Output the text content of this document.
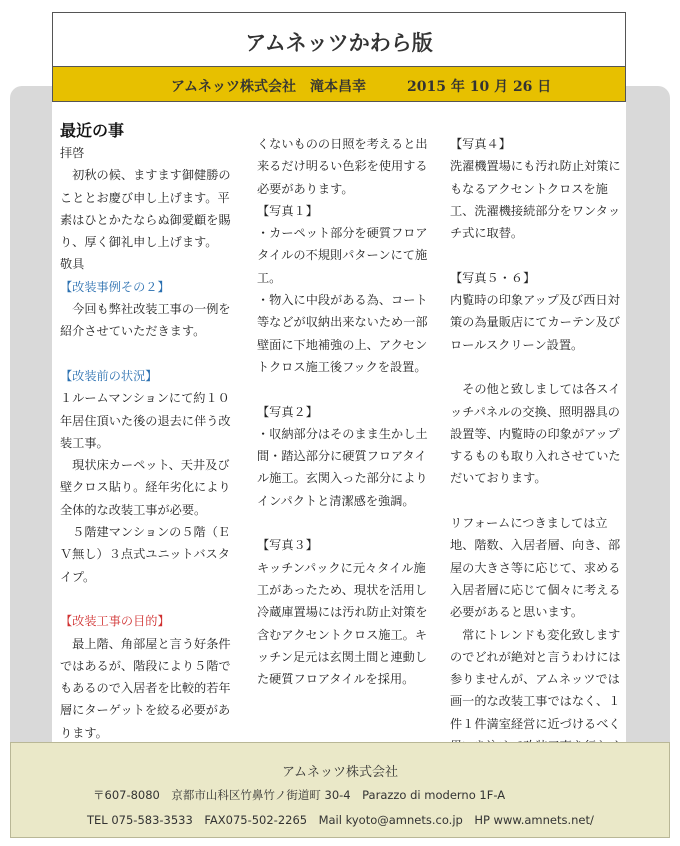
アムネッツかわら版
アムネッツ株式会社　滝本昌幸	2015 年 10 月 26 日

最近の事

拝啓

　初秋の候、ますます御健勝のこととお慶び申し上げます。平素はひとかたならぬ御愛顧を賜り、厚く御礼申し上げます。　　　　　　　敬具

【改装事例その２】

　今回も弊社改装工事の一例を紹介させていただきます。

【改装前の状況】

１ルームマンションにて約１０年居住頂いた後の退去に伴う改装工事。

　現状床カーペット、天井及び壁クロス貼り。経年劣化により全体的な改装工事が必要。

　５階建マンションの５階（ＥＶ無し）３点式ユニットバスタイプ。

【改装工事の目的】

　最上階、角部屋と言う好条件ではあるが、階段により５階でもあるので入居者を比較的若年層にターゲットを絞る必要があります。

くないものの日照を考えると出来るだけ明るい色彩を使用する必要があります。

【写真１】

・カーペット部分を硬質フロアタイルの不規則パターンにて施工。

・物入に中段がある為、コート等などが収納出来ないため一部壁面に下地補強の上、アクセントクロス施工後フックを設置。

【写真２】

・収納部分はそのまま生かし土間・踏込部分に硬質フロアタイル施工。玄関入った部分によりインパクトと清潔感を強調。

【写真３】

キッチンパックに元々タイル施工があったため、現状を活用し冷蔵庫置場には汚れ防止対策を含むアクセントクロス施工。キッチン足元は玄関土間と連動した硬質フロアタイルを採用。

【写真４】

洗濯機置場にも汚れ防止対策にもなるアクセントクロスを施工、洗濯機接続部分をワンタッチ式に取替。

【写真５・６】

内覧時の印象アップ及び西日対策の為量販店にてカーテン及びロールスクリーン設置。

　その他と致しましては各スイッチパネルの交換、照明器具の設置等、内覧時の印象がアップするものも取り入れさせていただいております。

リフォームにつきましては立地、階数、入居者層、向き、部屋の大きさ等に応じて、求める入居者層に応じて個々に考える必要があると思います。

　常にトレンドも変化致しますのでどれが絶対と言うわけには参りませんが、アムネッツでは画一的な改装工事ではなく、１件１件満室経営に近づけるべく

アムネッツ株式会社
〒607-8080　京都市山科区竹鼻竹ノ街道町 30-4　Parazzo di moderno 1F-A
TEL 075-583-3533　FAX075-502-2265　Mail kyoto@amnets.co.jp　HP www.amnets.net/
